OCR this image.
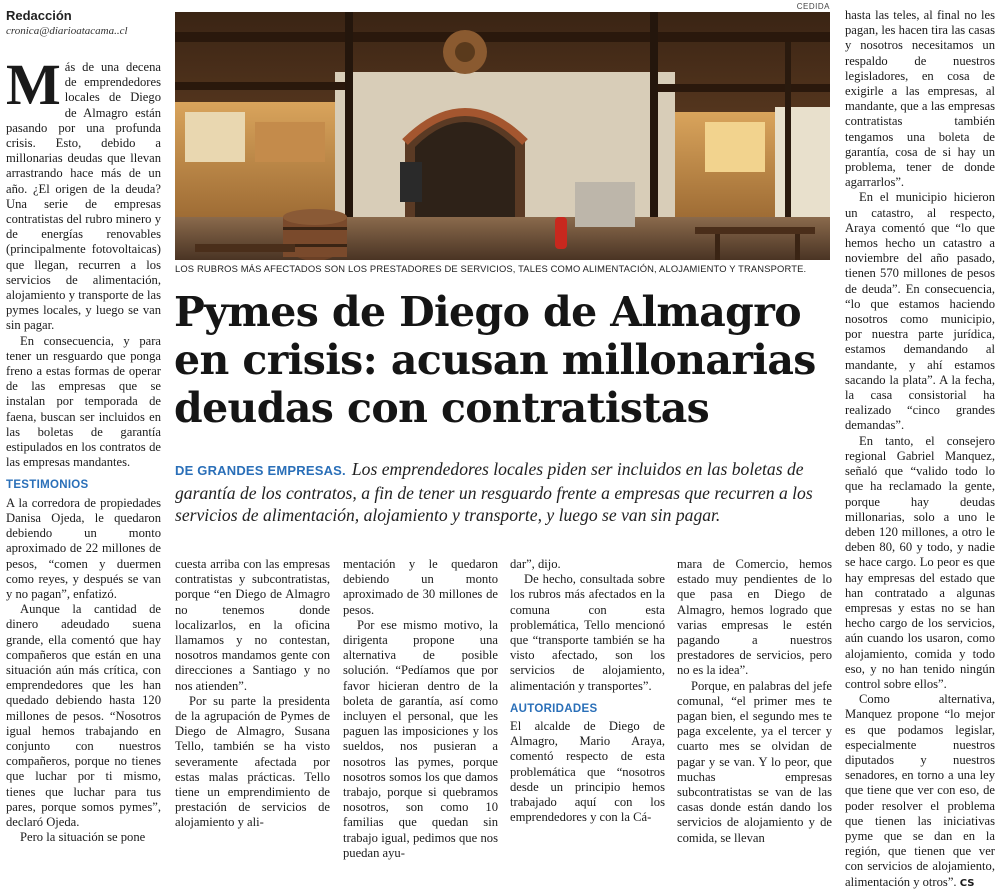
Redacción
cronica@diarioatacama..cl

Más de una decena de emprendedores locales de Diego de Almagro están pasando por una profunda crisis. Esto, debido a millonarias deudas que llevan arrastrando hace más de un año. ¿El origen de la deuda? Una serie de empresas contratistas del rubro minero y de energías renovables (principalmente fotovoltaicas) que llegan, recurren a los servicios de alimentación, alojamiento y transporte de las pymes locales, y luego se van sin pagar.

En consecuencia, y para tener un resguardo que ponga freno a estas formas de operar de las empresas que se instalan por temporada de faena, buscan ser incluidos en las boletas de garantía estipulados en los contratos de las empresas mandantes.

TESTIMONIOS

A la corredora de propiedades Danisa Ojeda, le quedaron debiendo un monto aproximado de 22 millones de pesos, “comen y duermen como reyes, y después se van y no pagan”, enfatizó.

Aunque la cantidad de dinero adeudado suena grande, ella comentó que hay compañeros que están en una situación aún más crítica, con emprendedores que les han quedado debiendo hasta 120 millones de pesos. “Nosotros igual hemos trabajando en conjunto con nuestros compañeros, porque no tienes que luchar por ti mismo, tienes que luchar para tus pares, porque somos pymes”, declaró Ojeda.

Pero la situación se pone

CEDIDA
LOS RUBROS MÁS AFECTADOS SON LOS PRESTADORES DE SERVICIOS, TALES COMO ALIMENTACIÓN, ALOJAMIENTO Y TRANSPORTE.
Pymes de Diego de Almagro en crisis: acusan millonarias deudas con contratistas
DE GRANDES EMPRESAS. Los emprendedores locales piden ser incluidos en las boletas de garantía de los contratos, a fin de tener un resguardo frente a empresas que recurren a los servicios de alimentación, alojamiento y transporte, y luego se van sin pagar.

cuesta arriba con las empresas contratistas y subcontratistas, porque “en Diego de Almagro no tenemos donde localizarlos, en la oficina llamamos y no contestan, nosotros mandamos gente con direcciones a Santiago y no nos atienden”.

Por su parte la presidenta de la agrupación de Pymes de Diego de Almagro, Susana Tello, también se ha visto severamente afectada por estas malas prácticas. Tello tiene un emprendimiento de prestación de servicios de alojamiento y ali-

mentación y le quedaron debiendo un monto aproximado de 30 millones de pesos.

Por ese mismo motivo, la dirigenta propone una alternativa de posible solución. “Pedíamos que por favor hicieran dentro de la boleta de garantía, así como incluyen el personal, que les paguen las imposiciones y los sueldos, nos pusieran a nosotros las pymes, porque nosotros somos los que damos trabajo, porque si quebramos nosotros, son como 10 familias que quedan sin trabajo igual, pedimos que nos puedan ayu-

dar”, dijo.

De hecho, consultada sobre los rubros más afectados en la comuna con esta problemática, Tello mencionó que “transporte también se ha visto afectado, son los servicios de alojamiento, alimentación y transportes”.

AUTORIDADES

El alcalde de Diego de Almagro, Mario Araya, comentó respecto de esta problemática que “nosotros desde un principio hemos trabajado aquí con los emprendedores y con la Cá-

mara de Comercio, hemos estado muy pendientes de lo que pasa en Diego de Almagro, hemos logrado que varias empresas le estén pagando a nuestros prestadores de servicios, pero no es la idea”.

Porque, en palabras del jefe comunal, “el primer mes te pagan bien, el segundo mes te paga excelente, ya el tercer y cuarto mes se olvidan de pagar y se van. Y lo peor, que muchas empresas subcontratistas se van de las casas donde están dando los servicios de alojamiento y de comida, se llevan

hasta las teles, al final no les pagan, les hacen tira las casas y nosotros necesitamos un respaldo de nuestros legisladores, en cosa de exigirle a las empresas, al mandante, que a las empresas contratistas también tengamos una boleta de garantía, cosa de si hay un problema, tener de donde agarrarlos”.

En el municipio hicieron un catastro, al respecto, Araya comentó que “lo que hemos hecho un catastro a noviembre del año pasado, tienen 570 millones de pesos de deuda”. En consecuencia, “lo que estamos haciendo nosotros como municipio, por nuestra parte jurídica, estamos demandando al mandante, y ahí estamos sacando la plata”. A la fecha, la casa consistorial ha realizado “cinco grandes demandas”.

En tanto, el consejero regional Gabriel Manquez, señaló que “valido todo lo que ha reclamado la gente, porque hay deudas millonarias, solo a uno le deben 120 millones, a otro le deben 80, 60 y todo, y nadie se hace cargo. Lo peor es que hay empresas del estado que han contratado a algunas empresas y estas no se han hecho cargo de los servicios, aún cuando los usaron, como alojamiento, comida y todo eso, y no han tenido ningún control sobre ellos”.

Como alternativa, Manquez propone “lo mejor es que podamos legislar, especialmente nuestros diputados y nuestros senadores, en torno a una ley que tiene que ver con eso, de poder resolver el problema que tienen las iniciativas pyme que se dan en la región, que tienen que ver con servicios de alojamiento, alimentación y otros”. CS
